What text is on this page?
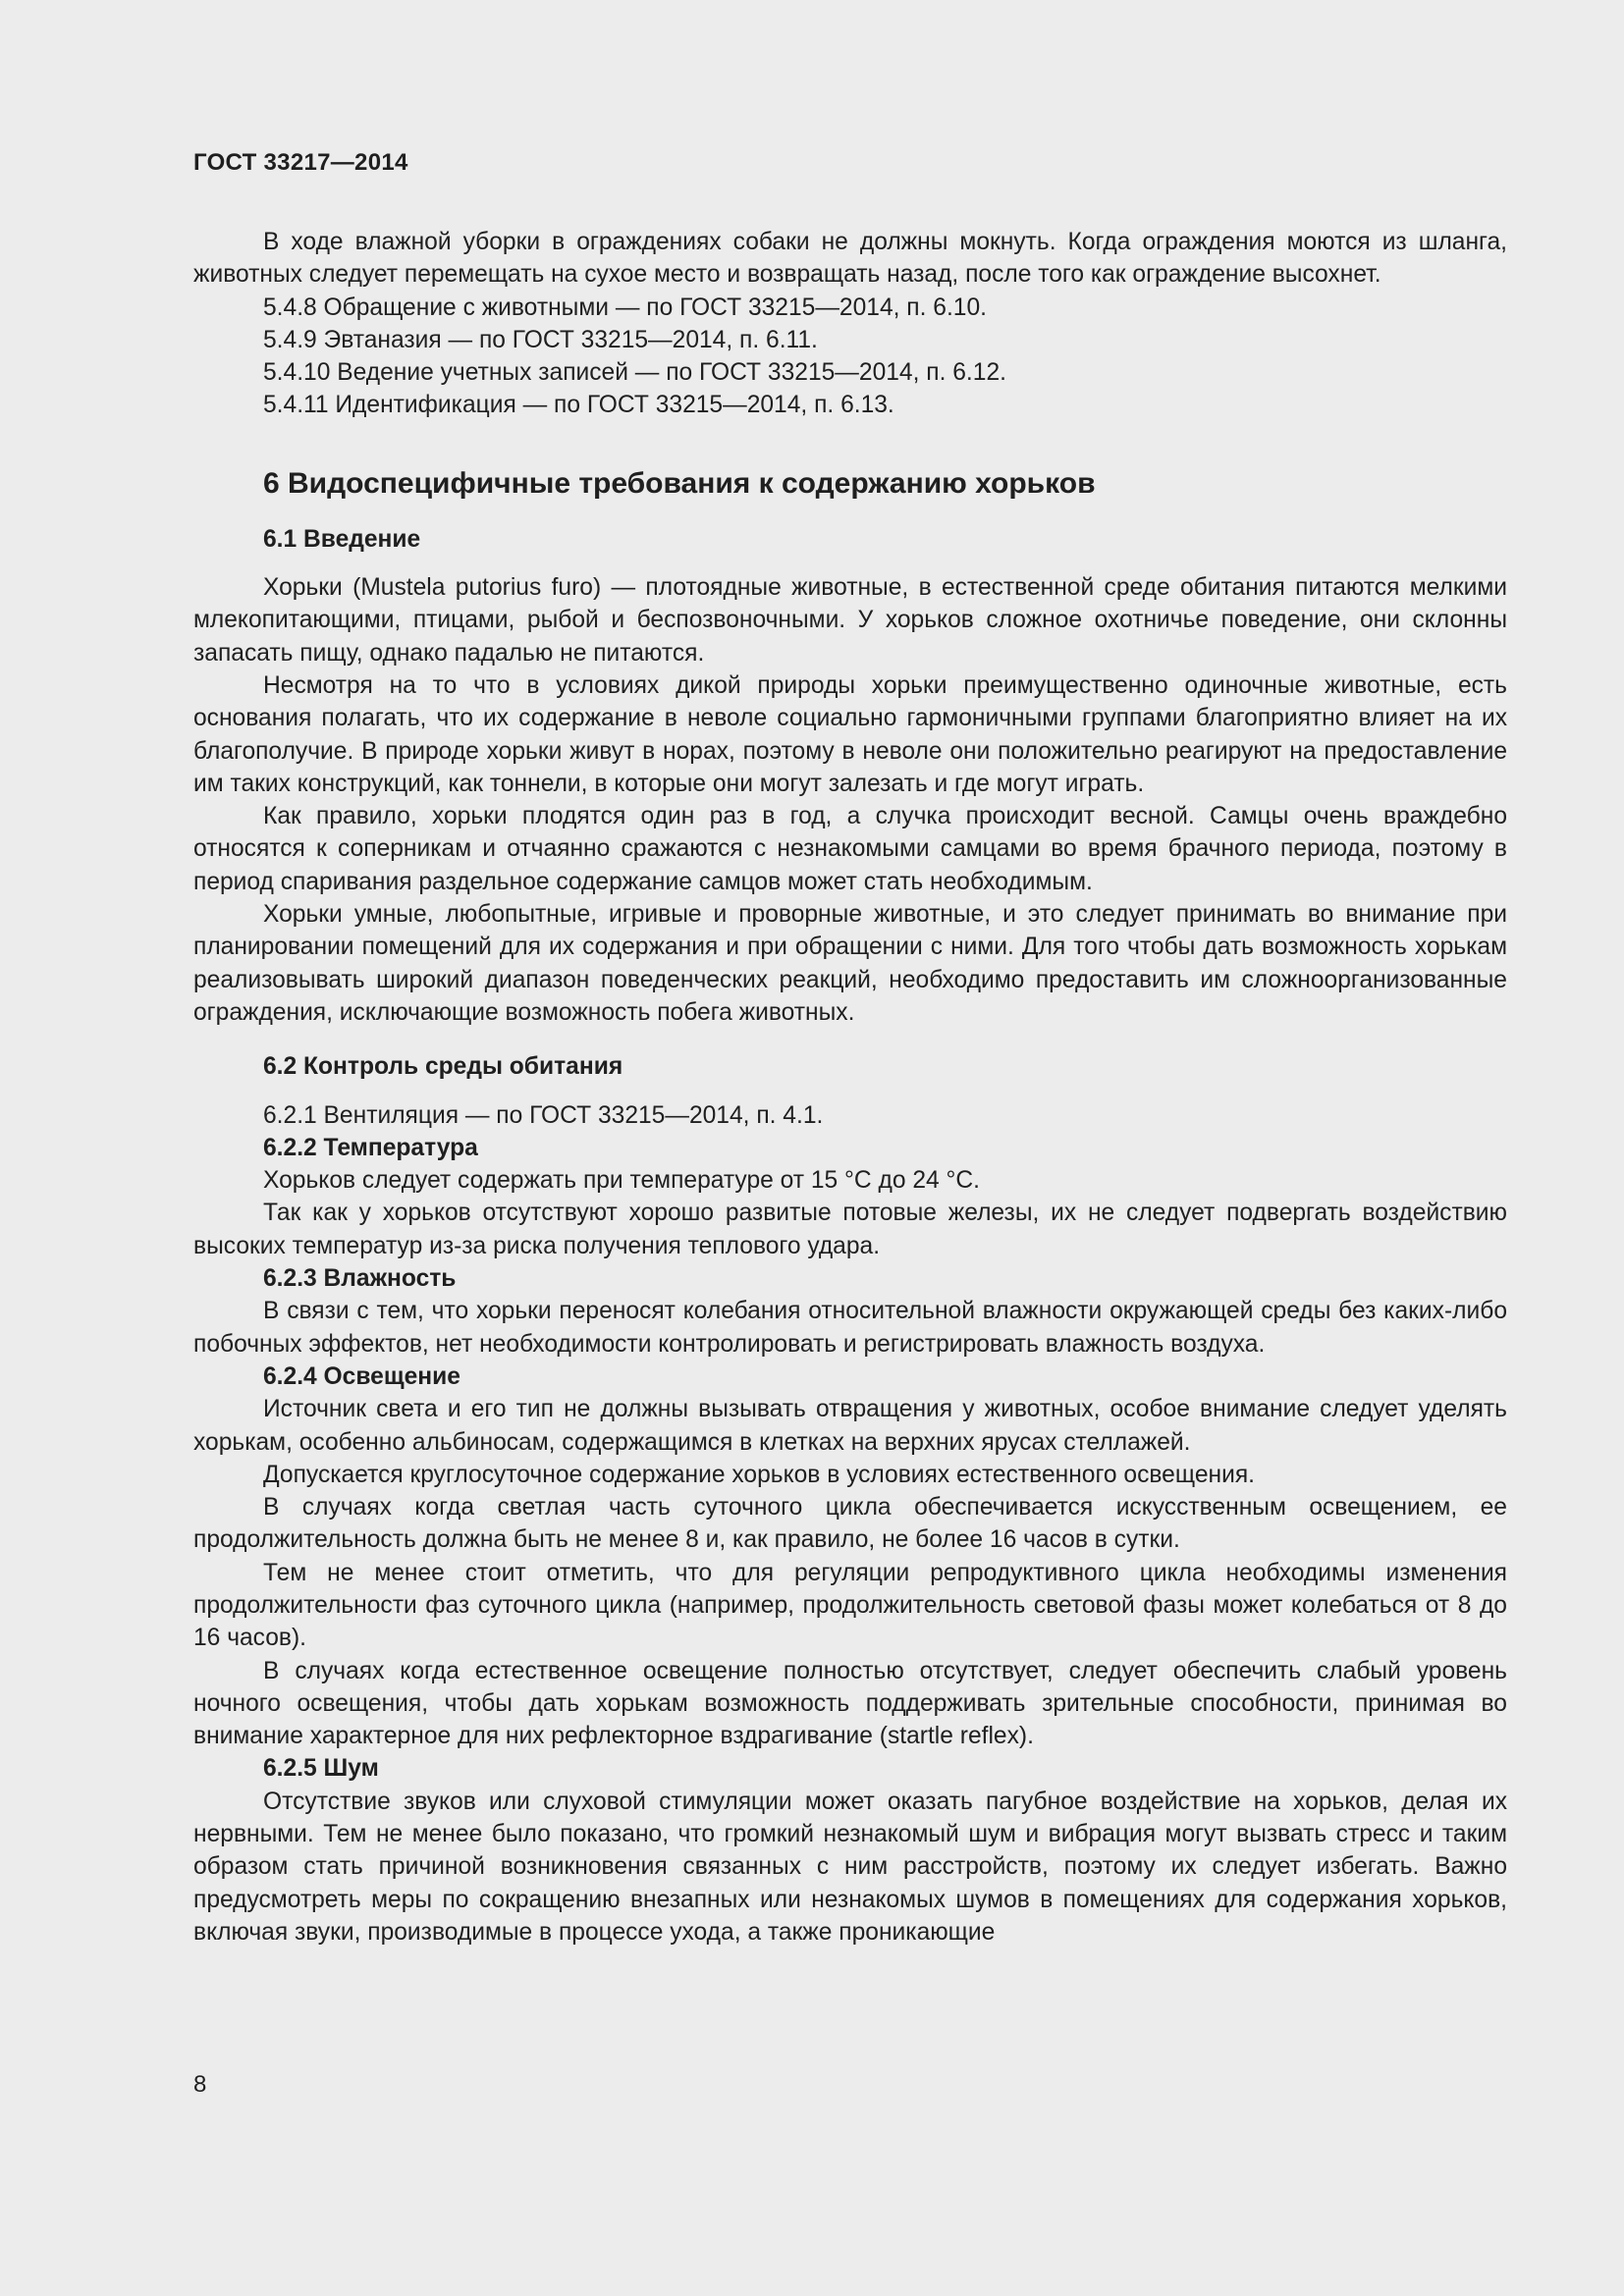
ГОСТ 33217—2014

В ходе влажной уборки в ограждениях собаки не должны мокнуть. Когда ограждения моются из шланга, животных следует перемещать на сухое место и возвращать назад, после того как ограждение высохнет.

5.4.8 Обращение с животными — по ГОСТ 33215—2014, п. 6.10.

5.4.9 Эвтаназия — по ГОСТ 33215—2014, п. 6.11.

5.4.10 Ведение учетных записей — по ГОСТ 33215—2014, п. 6.12.

5.4.11 Идентификация — по ГОСТ 33215—2014, п. 6.13.

6 Видоспецифичные требования к содержанию хорьков
6.1 Введение

Хорьки (Mustela putorius furo) — плотоядные животные, в естественной среде обитания питаются мелкими млекопитающими, птицами, рыбой и беспозвоночными. У хорьков сложное охотничье поведение, они склонны запасать пищу, однако падалью не питаются.

Несмотря на то что в условиях дикой природы хорьки преимущественно одиночные животные, есть основания полагать, что их содержание в неволе социально гармоничными группами благоприятно влияет на их благополучие. В природе хорьки живут в норах, поэтому в неволе они положительно реагируют на предоставление им таких конструкций, как тоннели, в которые они могут залезать и где могут играть.

Как правило, хорьки плодятся один раз в год, а случка происходит весной. Самцы очень враждебно относятся к соперникам и отчаянно сражаются с незнакомыми самцами во время брачного периода, поэтому в период спаривания раздельное содержание самцов может стать необходимым.

Хорьки умные, любопытные, игривые и проворные животные, и это следует принимать во внимание при планировании помещений для их содержания и при обращении с ними. Для того чтобы дать возможность хорькам реализовывать широкий диапазон поведенческих реакций, необходимо предоставить им сложноорганизованные ограждения, исключающие возможность побега животных.

6.2 Контроль среды обитания

6.2.1 Вентиляция — по ГОСТ 33215—2014, п. 4.1.

6.2.2 Температура

Хорьков следует содержать при температуре от 15 °С до 24 °С.

Так как у хорьков отсутствуют хорошо развитые потовые железы, их не следует подвергать воздействию высоких температур из-за риска получения теплового удара.

6.2.3 Влажность

В связи с тем, что хорьки переносят колебания относительной влажности окружающей среды без каких-либо побочных эффектов, нет необходимости контролировать и регистрировать влажность воздуха.

6.2.4 Освещение

Источник света и его тип не должны вызывать отвращения у животных, особое внимание следует уделять хорькам, особенно альбиносам, содержащимся в клетках на верхних ярусах стеллажей.

Допускается круглосуточное содержание хорьков в условиях естественного освещения.

В случаях когда светлая часть суточного цикла обеспечивается искусственным освещением, ее продолжительность должна быть не менее 8 и, как правило, не более 16 часов в сутки.

Тем не менее стоит отметить, что для регуляции репродуктивного цикла необходимы изменения продолжительности фаз суточного цикла (например, продолжительность световой фазы может колебаться от 8 до 16 часов).

В случаях когда естественное освещение полностью отсутствует, следует обеспечить слабый уровень ночного освещения, чтобы дать хорькам возможность поддерживать зрительные способности, принимая во внимание характерное для них рефлекторное вздрагивание (startle reflex).

6.2.5 Шум

Отсутствие звуков или слуховой стимуляции может оказать пагубное воздействие на хорьков, делая их нервными. Тем не менее было показано, что громкий незнакомый шум и вибрация могут вызвать стресс и таким образом стать причиной возникновения связанных с ним расстройств, поэтому их следует избегать. Важно предусмотреть меры по сокращению внезапных или незнакомых шумов в помещениях для содержания хорьков, включая звуки, производимые в процессе ухода, а также проникающие

8
